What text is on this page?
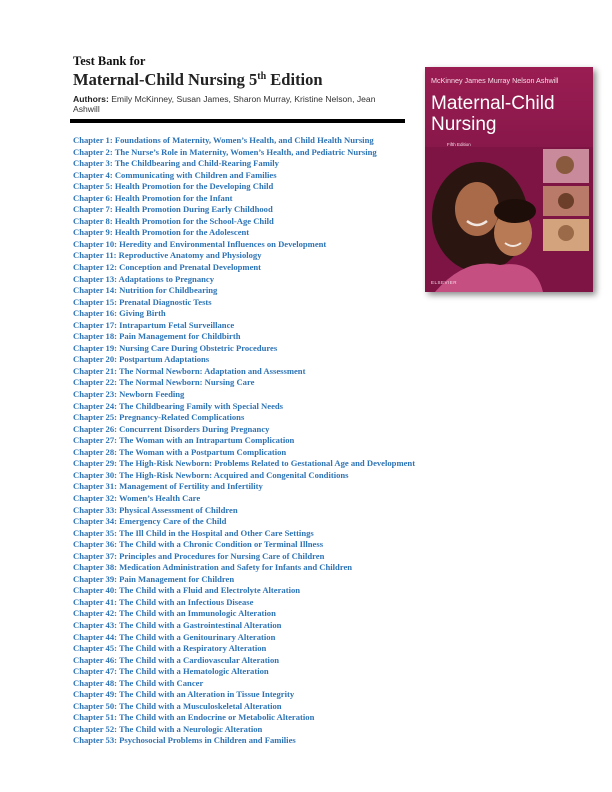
Test Bank for
Maternal-Child Nursing 5th Edition
Authors: Emily McKinney, Susan James, Sharon Murray, Kristine Nelson, Jean Ashwill
Chapter 1: Foundations of Maternity, Women’s Health, and Child Health Nursing
Chapter 2: The Nurse’s Role in Maternity, Women’s Health, and Pediatric Nursing
Chapter 3: The Childbearing and Child-Rearing Family
Chapter 4: Communicating with Children and Families
Chapter 5: Health Promotion for the Developing Child
Chapter 6: Health Promotion for the Infant
Chapter 7: Health Promotion During Early Childhood
Chapter 8: Health Promotion for the School-Age Child
Chapter 9: Health Promotion for the Adolescent
Chapter 10: Heredity and Environmental Influences on Development
Chapter 11: Reproductive Anatomy and Physiology
Chapter 12: Conception and Prenatal Development
Chapter 13: Adaptations to Pregnancy
Chapter 14: Nutrition for Childbearing
Chapter 15: Prenatal Diagnostic Tests
Chapter 16: Giving Birth
Chapter 17: Intrapartum Fetal Surveillance
Chapter 18: Pain Management for Childbirth
Chapter 19: Nursing Care During Obstetric Procedures
Chapter 20: Postpartum Adaptations
Chapter 21: The Normal Newborn: Adaptation and Assessment
Chapter 22: The Normal Newborn: Nursing Care
Chapter 23: Newborn Feeding
Chapter 24: The Childbearing Family with Special Needs
Chapter 25: Pregnancy-Related Complications
Chapter 26: Concurrent Disorders During Pregnancy
Chapter 27: The Woman with an Intrapartum Complication
Chapter 28: The Woman with a Postpartum Complication
Chapter 29: The High-Risk Newborn: Problems Related to Gestational Age and Development
Chapter 30: The High-Risk Newborn: Acquired and Congenital Conditions
Chapter 31: Management of Fertility and Infertility
Chapter 32: Women’s Health Care
Chapter 33: Physical Assessment of Children
Chapter 34: Emergency Care of the Child
Chapter 35: The Ill Child in the Hospital and Other Care Settings
Chapter 36: The Child with a Chronic Condition or Terminal Illness
Chapter 37: Principles and Procedures for Nursing Care of Children
Chapter 38: Medication Administration and Safety for Infants and Children
Chapter 39: Pain Management for Children
Chapter 40: The Child with a Fluid and Electrolyte Alteration
Chapter 41: The Child with an Infectious Disease
Chapter 42: The Child with an Immunologic Alteration
Chapter 43: The Child with a Gastrointestinal Alteration
Chapter 44: The Child with a Genitourinary Alteration
Chapter 45: The Child with a Respiratory Alteration
Chapter 46: The Child with a Cardiovascular Alteration
Chapter 47: The Child with a Hematologic Alteration
Chapter 48: The Child with Cancer
Chapter 49: The Child with an Alteration in Tissue Integrity
Chapter 50: The Child with a Musculoskeletal Alteration
Chapter 51: The Child with an Endocrine or Metabolic Alteration
Chapter 52: The Child with a Neurologic Alteration
Chapter 53: Psychosocial Problems in Children and Families
McKinney James Murray Nelson Ashwill
Maternal-Child
Nursing
Fifth Edition
ELSEVIER
